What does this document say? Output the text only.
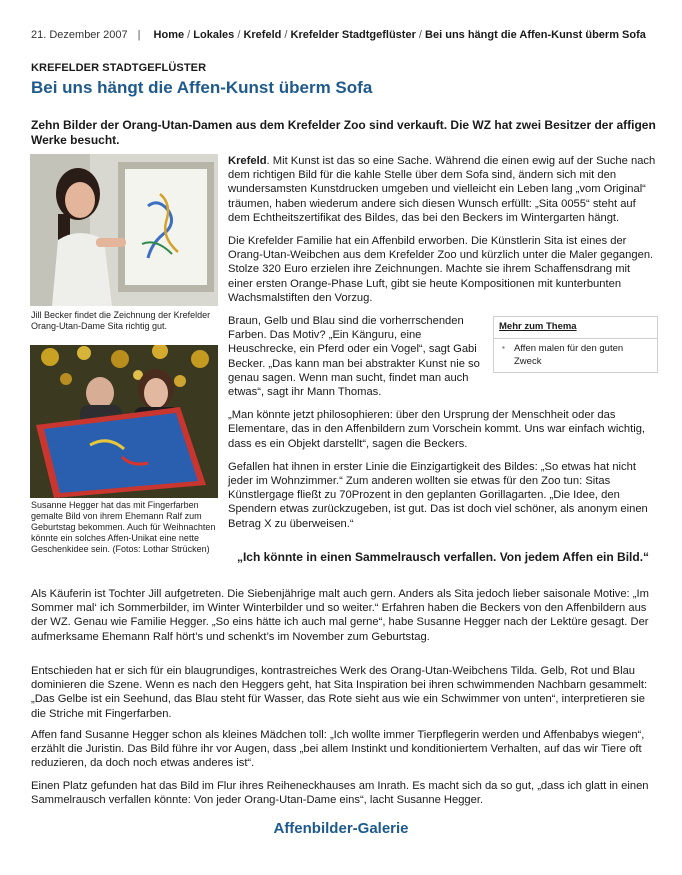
21. Dezember 2007 | Home / Lokales / Krefeld / Krefelder Stadtgeflüster / Bei uns hängt die Affen-Kunst überm Sofa
KREFELDER STADTGEFLÜSTER
Bei uns hängt die Affen-Kunst überm Sofa

Zehn Bilder der Orang-Utan-Damen aus dem Krefelder Zoo sind verkauft. Die WZ hat zwei Besitzer der affigen Werke besucht.

Jill Becker findet die Zeichnung der Krefelder Orang-Utan-Dame Sita richtig gut.
Susanne Hegger hat das mit Fingerfarben gemalte Bild von ihrem Ehemann Ralf zum Geburtstag bekommen. Auch für Weihnachten könnte ein solches Affen-Unikat eine nette Geschenkidee sein. (Fotos: Lothar Strücken)

Krefeld. Mit Kunst ist das so eine Sache. Während die einen ewig auf der Suche nach dem richtigen Bild für die kahle Stelle über dem Sofa sind, ändern sich mit den wundersamsten Kunstdrucken umgeben und vielleicht ein Leben lang „vom Original“ träumen, haben wiederum andere sich diesen Wunsch erfüllt: „Sita 0055“ steht auf dem Echtheitszertifikat des Bildes, das bei den Beckers im Wintergarten hängt.

Die Krefelder Familie hat ein Affenbild erworben. Die Künstlerin Sita ist eines der Orang-Utan-Weibchen aus dem Krefelder Zoo und kürzlich unter die Maler gegangen. Stolze 320 Euro erzielen ihre Zeichnungen. Machte sie ihrem Schaffensdrang mit einer ersten Orange-Phase Luft, gibt sie heute Kompositionen mit kunterbunten Wachsmalstiften den Vorzug.

Mehr zum Thema
▪ Affen malen für den guten Zweck

Braun, Gelb und Blau sind die vorherrschenden Farben. Das Motiv? „Ein Känguru, eine Heuschrecke, ein Pferd oder ein Vogel“, sagt Gabi Becker. „Das kann man bei abstrakter Kunst nie so genau sagen. Wenn man sucht, findet man auch etwas“, sagt ihr Mann Thomas.

„Man könnte jetzt philosophieren: über den Ursprung der Menschheit oder das Elementare, das in den Affenbildern zum Vorschein kommt. Uns war einfach wichtig, dass es ein Objekt darstellt“, sagen die Beckers.

Gefallen hat ihnen in erster Linie die Einzigartigkeit des Bildes: „So etwas hat nicht jeder im Wohnzimmer.“ Zum anderen wollten sie etwas für den Zoo tun: Sitas Künstlergage fließt zu 70Prozent in den geplanten Gorillagarten. „Die Idee, den Spendern etwas zurückzugeben, ist gut. Das ist doch viel schöner, als anonym einen Betrag X zu überweisen.“

„Ich könnte in einen Sammelrausch verfallen. Von jedem Affen ein Bild.“
Als Käuferin ist Tochter Jill aufgetreten. Die Siebenjährige malt auch gern. Anders als Sita jedoch lieber saisonale Motive: „Im Sommer mal‘ ich Sommerbilder, im Winter Winterbilder und so weiter.“ Erfahren haben die Beckers von den Affenbildern aus der WZ. Genau wie Familie Hegger. „So eins hätte ich auch mal gerne“, habe Susanne Hegger nach der Lektüre gesagt. Der aufmerksame Ehemann Ralf hört’s und schenkt’s im November zum Geburtstag.
Entschieden hat er sich für ein blaugrundiges, kontrastreiches Werk des Orang-Utan-Weibchens Tilda. Gelb, Rot und Blau dominieren die Szene. Wenn es nach den Heggers geht, hat Sita Inspiration bei ihren schwimmenden Nachbarn gesammelt: „Das Gelbe ist ein Seehund, das Blau steht für Wasser, das Rote sieht aus wie ein Schwimmer von unten“, interpretieren sie die Striche mit Fingerfarben.
Affen fand Susanne Hegger schon als kleines Mädchen toll: „Ich wollte immer Tierpflegerin werden und Affenbabys wiegen“, erzählt die Juristin. Das Bild führe ihr vor Augen, dass „bei allem Instinkt und konditioniertem Verhalten, auf das wir Tiere oft reduzieren, da doch noch etwas anderes ist“.
Einen Platz gefunden hat das Bild im Flur ihres Reiheneckhauses am Inrath. Es macht sich da so gut, „dass ich glatt in einen Sammelrausch verfallen könnte: Von jeder Orang-Utan-Dame eins“, lacht Susanne Hegger.
Affenbilder-Galerie
